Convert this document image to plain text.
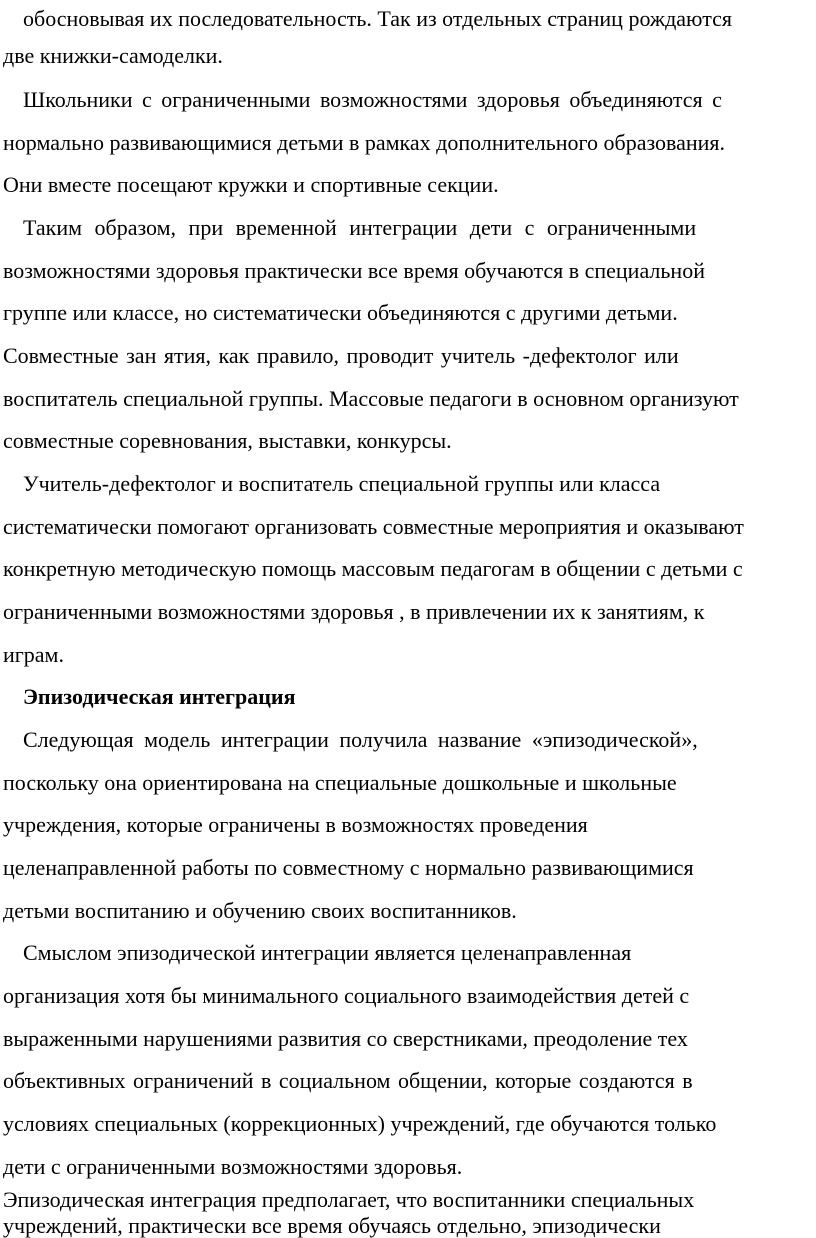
обосновывая их последовательность. Так из отдельных страниц рождаются
две книжки-самоделки.
Школьники с ограниченными возможностями здоровья объединяются с
нормально развивающимися детьми в рамках дополнительного образования.
Они вместе посещают кружки и спортивные секции.
Таким образом, при временной интеграции дети с ограниченными
возможностями здоровья практически все время обучаются в специальной
группе или классе, но систематически объединяются с другими детьми.
Совместные зан ятия, как правило, проводит учитель -дефектолог или
воспитатель специальной группы. Массовые педагоги в основном организуют
совместные соревнования, выставки, конкурсы.
Учитель-дефектолог и воспитатель специальной группы или класса
систематически помогают организовать совместные мероприятия и оказывают
конкретную методическую помощь массовым педагогам в общении с детьми с
ограниченными возможностями здоровья , в привлечении их к занятиям, к
играм.
Эпизодическая интеграция
Следующая модель интеграции получила название «эпизодической»,
поскольку она ориентирована на специальные дошкольные и школьные
учреждения, которые ограничены в возможностях проведения
целенаправленной работы по совместному с нормально развивающимися
детьми воспитанию и обучению своих воспитанников.
Смыслом эпизодической интеграции является целенаправленная
организация хотя бы минимального социального взаимодействия детей с
выраженными нарушениями развития со сверстниками, преодоление тех
объективных ограничений в социальном общении, которые создаются в
условиях специальных (коррекционных) учреждений, где обучаются только
дети с ограниченными возможностями здоровья.
Эпизодическая интеграция предполагает, что воспитанники специальных
учреждений, практически все время обучаясь отдельно, эпизодически
